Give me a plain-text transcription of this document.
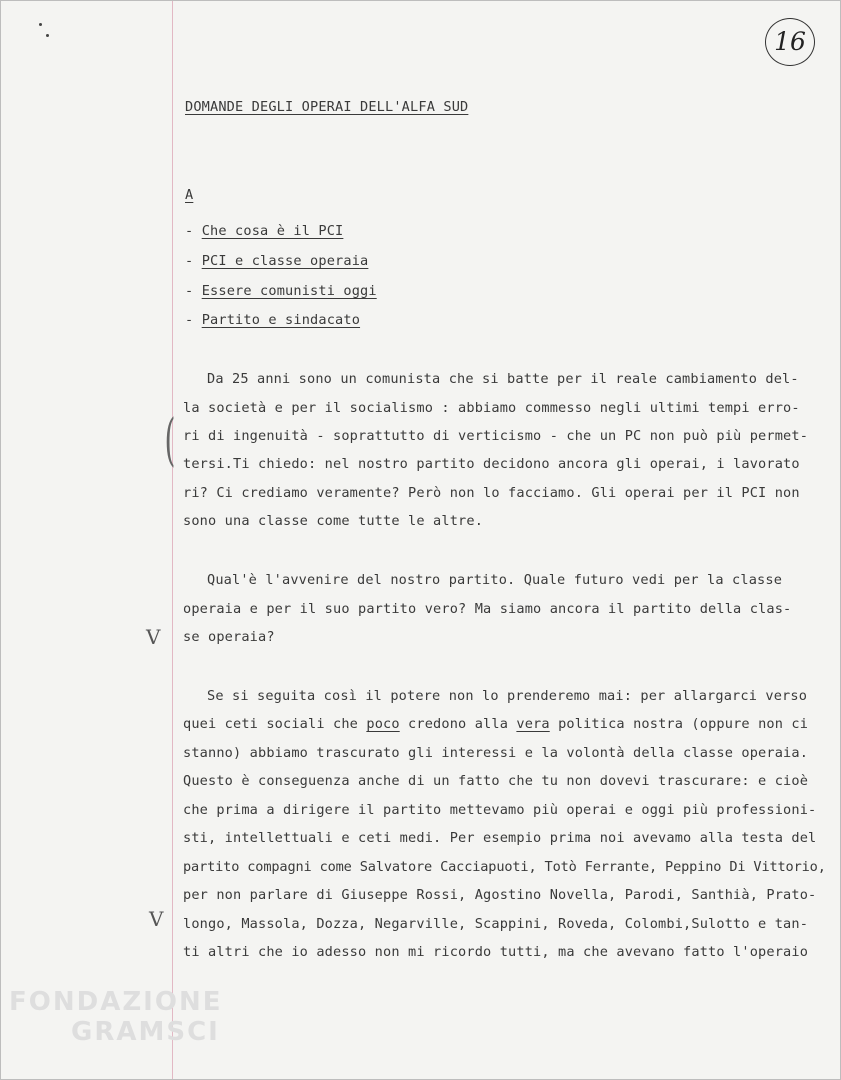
FONDAZIONE
GRAMSCI
16
DOMANDE DEGLI OPERAI DELL'ALFA SUD
A
- Che cosa è il PCI
- PCI e classe operaia
- Essere comunisti oggi
- Partito e sindacato
Da 25 anni sono un comunista che si batte per il reale cambiamento del-
la società e per il socialismo : abbiamo commesso negli ultimi tempi erro-
ri di ingenuità - soprattutto di verticismo - che un PC non può più permet-
tersi.Ti chiedo: nel nostro partito decidono ancora gli operai, i lavorato
ri? Ci crediamo veramente? Però non lo facciamo. Gli operai per il PCI non
sono una classe come tutte le altre.
(
Qual'è l'avvenire del nostro partito. Quale futuro vedi per la classe
operaia e per il suo partito vero? Ma siamo ancora il partito della clas-
se operaia?
V
Se si seguita così il potere non lo prenderemo mai: per allargarci verso
quei ceti sociali che poco credono alla vera politica nostra (oppure non ci
stanno) abbiamo trascurato gli interessi e la volontà della classe operaia.
Questo è conseguenza anche di un fatto che tu non dovevi trascurare: e cioè
che prima a dirigere il partito mettevamo più operai e oggi più professioni-
sti, intellettuali e ceti medi. Per esempio prima noi avevamo alla testa del
partito compagni come Salvatore Cacciapuoti, Totò Ferrante, Peppino Di Vittorio,
per non parlare di Giuseppe Rossi, Agostino Novella, Parodi, Santhià, Prato-
longo, Massola, Dozza, Negarville, Scappini, Roveda, Colombi,Sulotto e tan-
ti altri che io adesso non mi ricordo tutti, ma che avevano fatto l'operaio
V
